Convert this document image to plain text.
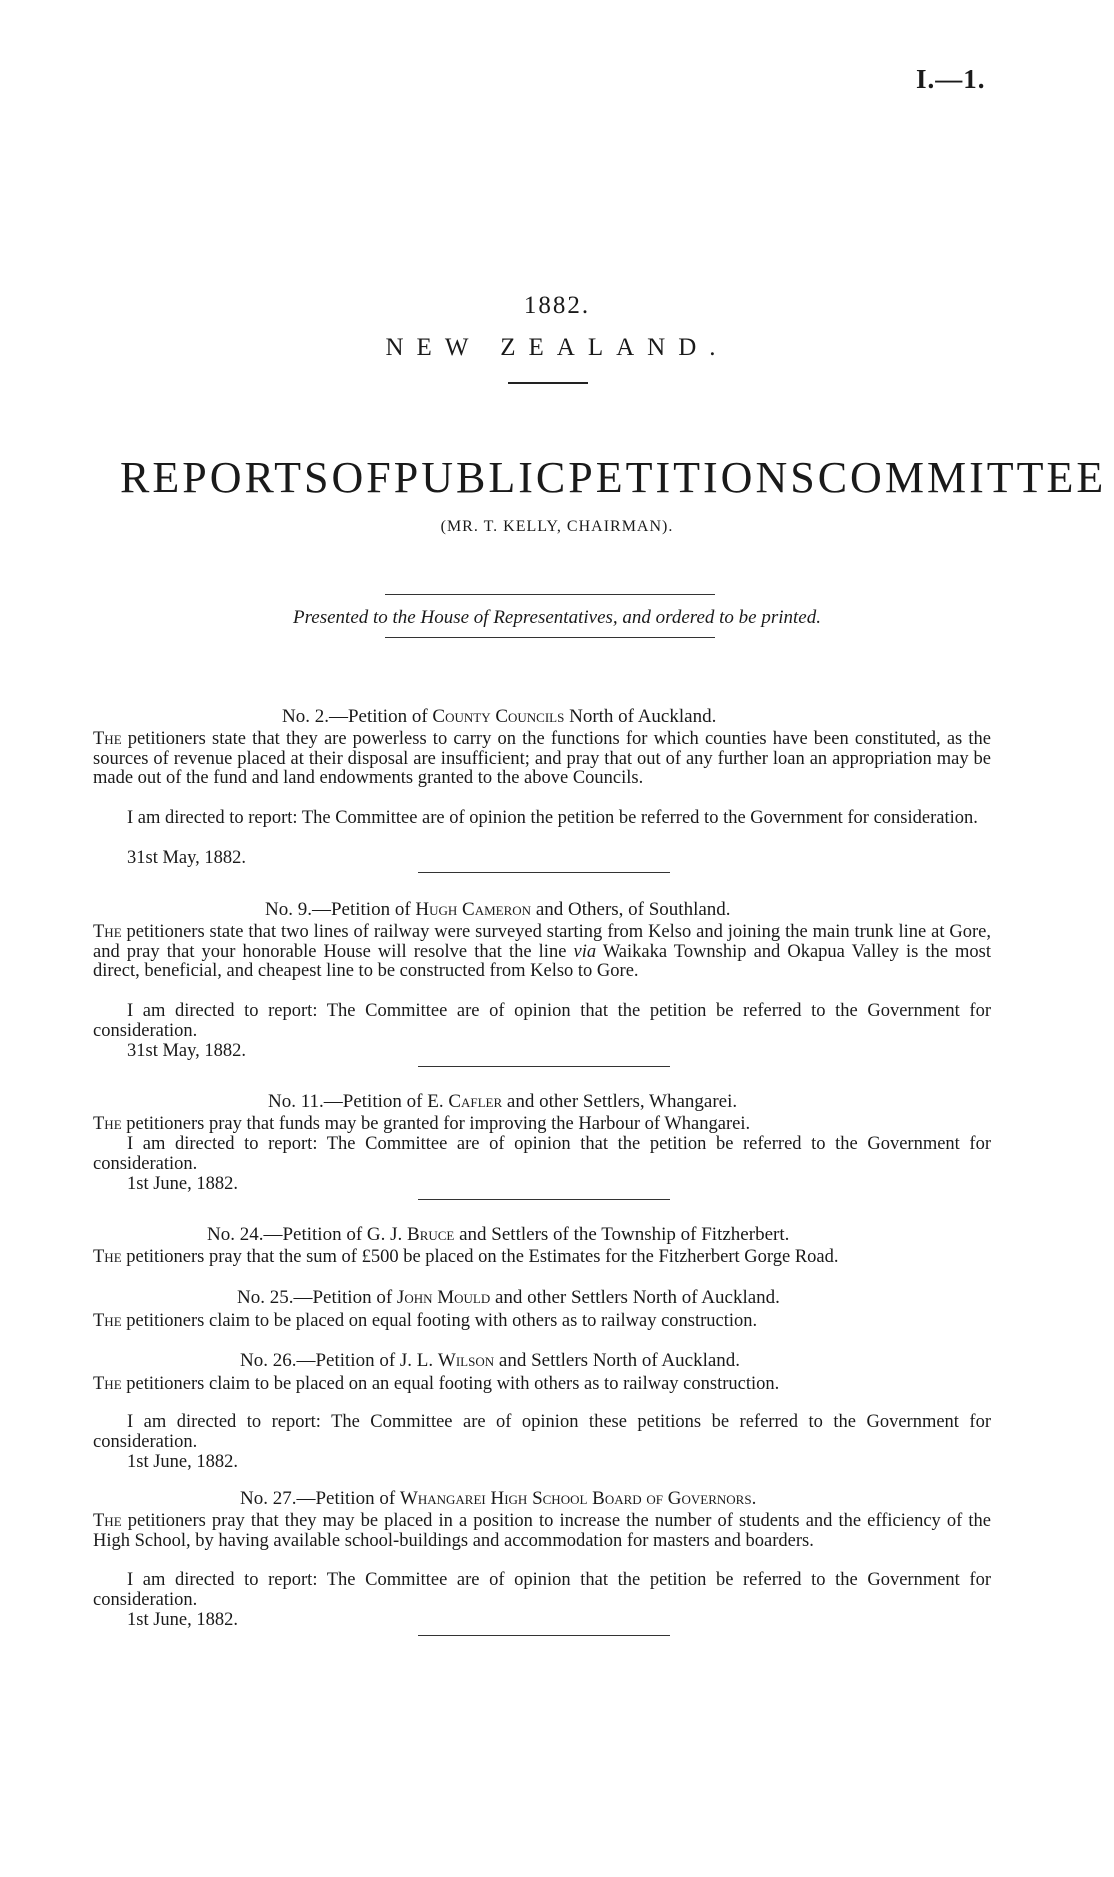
I.—1.
1882.
NEW ZEALAND.
REPORTS OF PUBLIC PETITIONS COMMITTEE
(MR. T. KELLY, CHAIRMAN).
Presented to the House of Representatives, and ordered to be printed.
No. 2.—Petition of County Councils North of Auckland.
The petitioners state that they are powerless to carry on the functions for which counties have been constituted, as the sources of revenue placed at their disposal are insufficient; and pray that out of any further loan an appropriation may be made out of the fund and land endowments granted to the above Councils.
I am directed to report: The Committee are of opinion the petition be referred to the Government for consideration.
31st May, 1882.
No. 9.—Petition of Hugh Cameron and Others, of Southland.
The petitioners state that two lines of railway were surveyed starting from Kelso and joining the main trunk line at Gore, and pray that your honorable House will resolve that the line via Waikaka Township and Okapua Valley is the most direct, beneficial, and cheapest line to be constructed from Kelso to Gore.
I am directed to report: The Committee are of opinion that the petition be referred to the Government for consideration.
31st May, 1882.
No. 11.—Petition of E. Cafler and other Settlers, Whangarei.
The petitioners pray that funds may be granted for improving the Harbour of Whangarei.
I am directed to report: The Committee are of opinion that the petition be referred to the Government for consideration.
1st June, 1882.
No. 24.—Petition of G. J. Bruce and Settlers of the Township of Fitzherbert.
The petitioners pray that the sum of £500 be placed on the Estimates for the Fitzherbert Gorge Road.
No. 25.—Petition of John Mould and other Settlers North of Auckland.
The petitioners claim to be placed on equal footing with others as to railway construction.
No. 26.—Petition of J. L. Wilson and Settlers North of Auckland.
The petitioners claim to be placed on an equal footing with others as to railway construction.
I am directed to report: The Committee are of opinion these petitions be referred to the Government for consideration.
1st June, 1882.
No. 27.—Petition of Whangarei High School Board of Governors.
The petitioners pray that they may be placed in a position to increase the number of students and the efficiency of the High School, by having available school-buildings and accommodation for masters and boarders.
I am directed to report: The Committee are of opinion that the petition be referred to the Government for consideration.
1st June, 1882.
